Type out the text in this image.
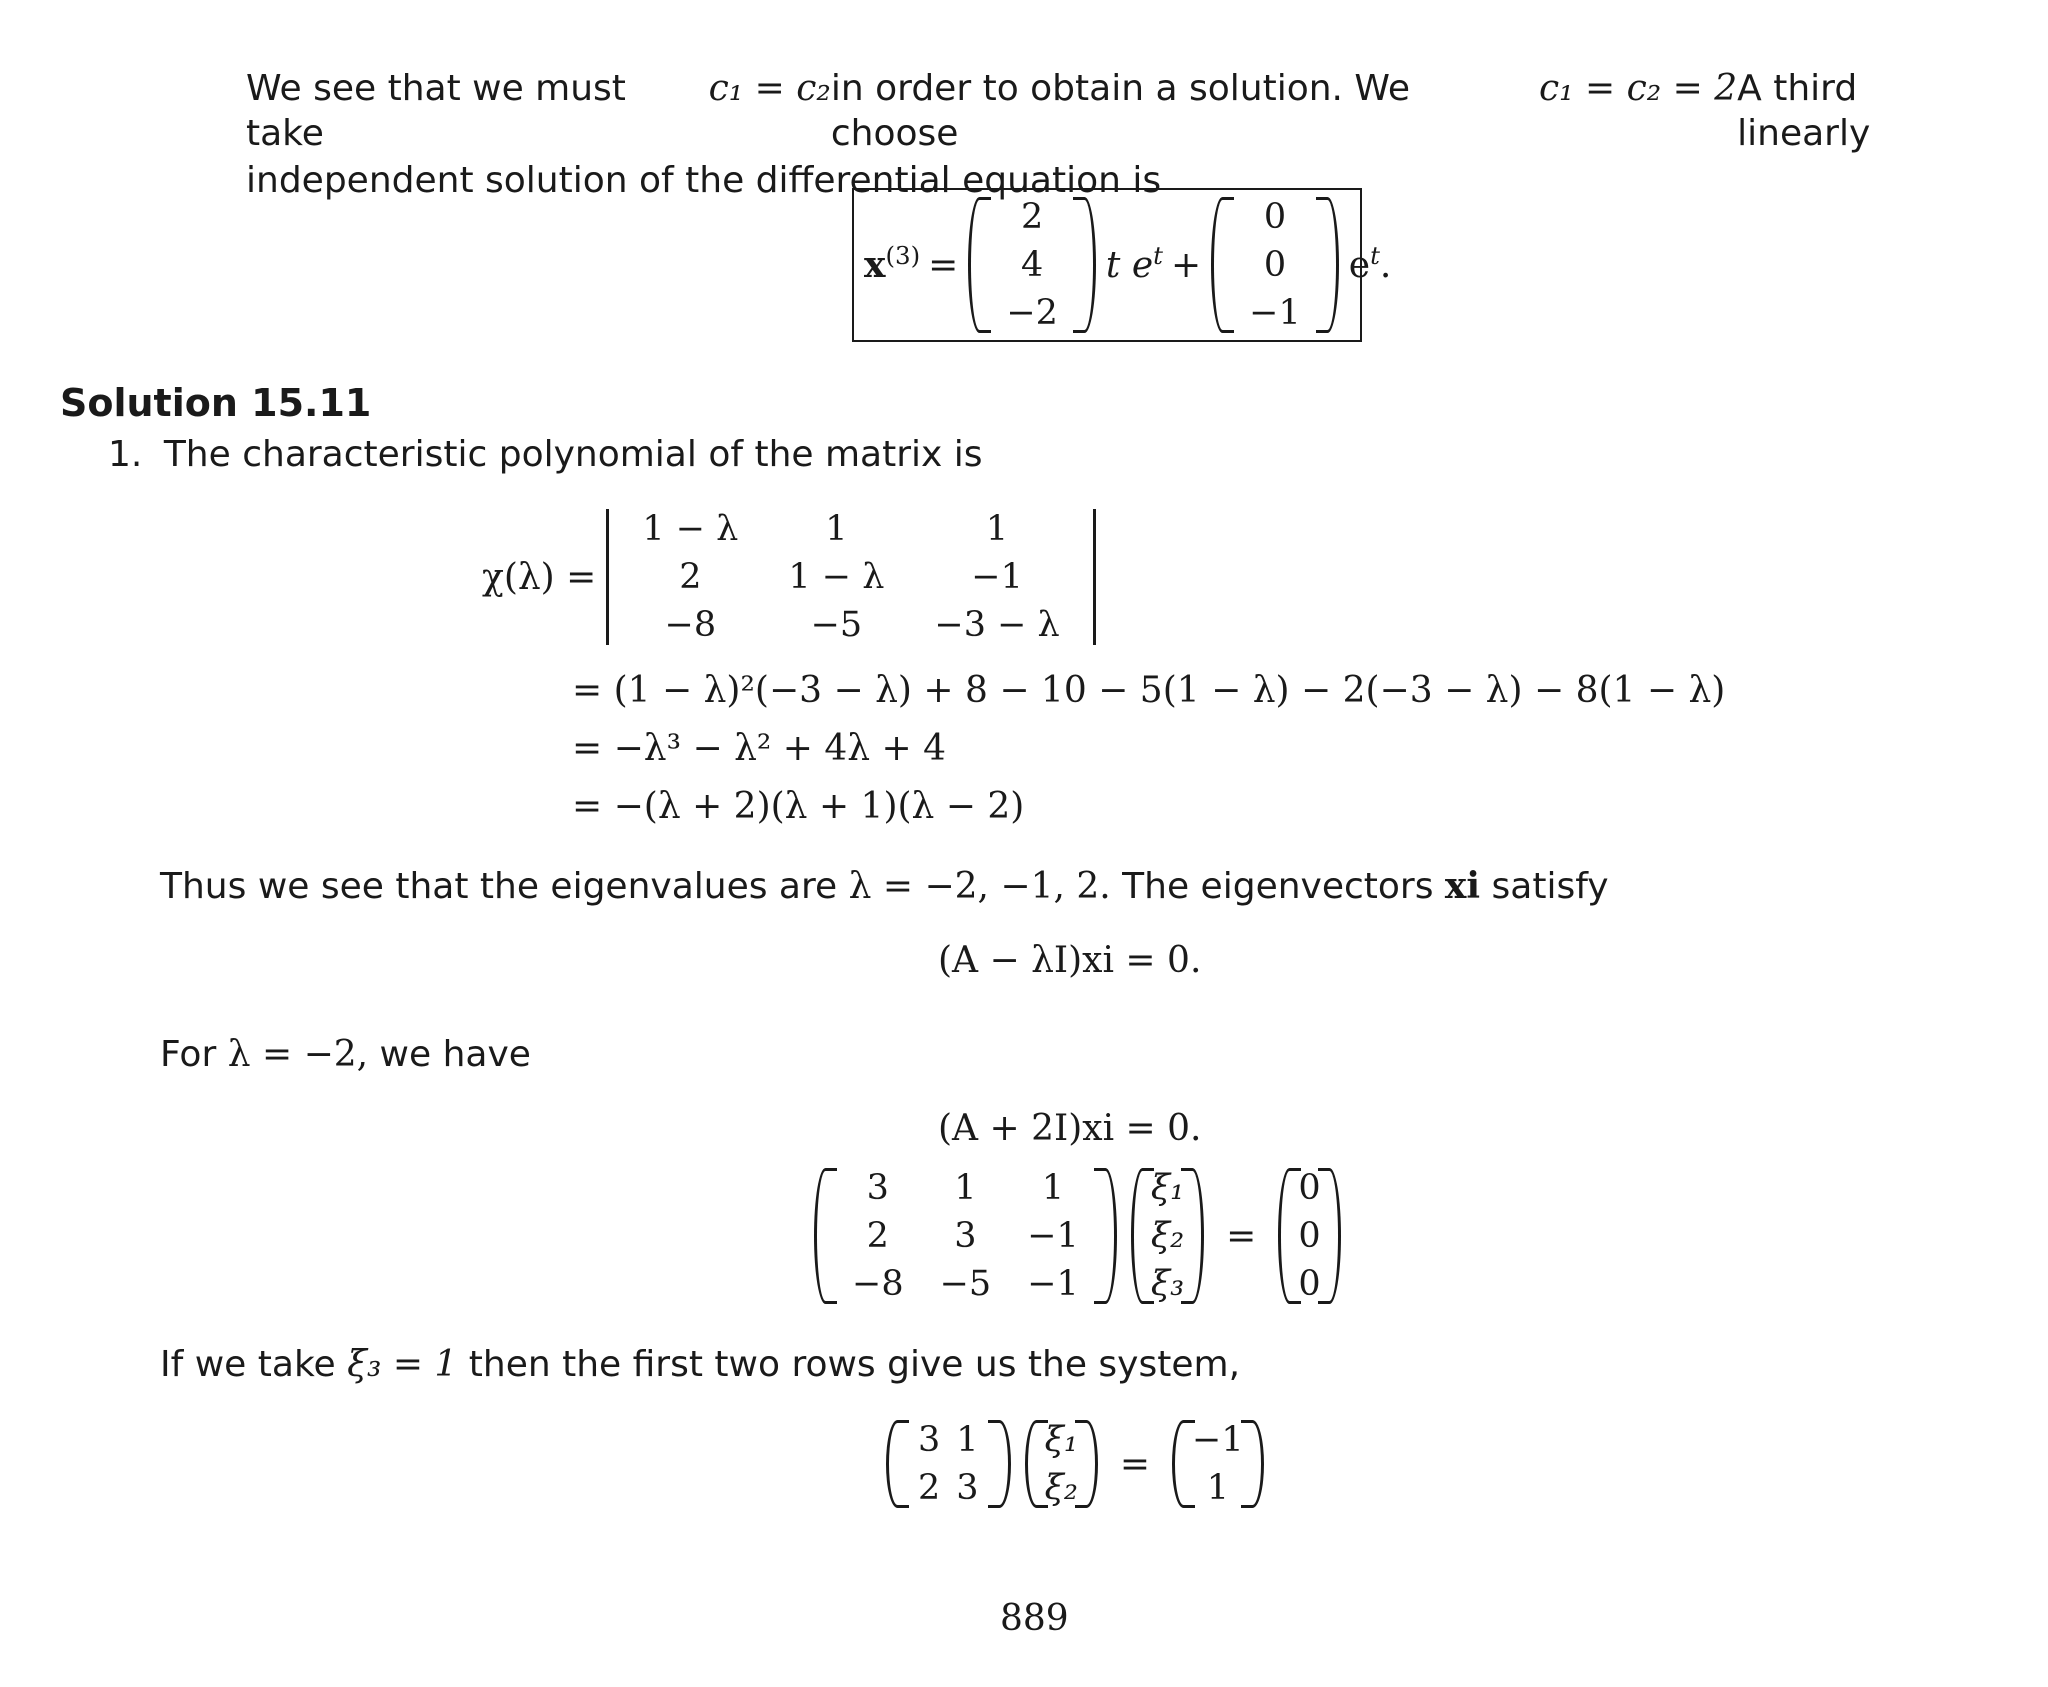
We see that we must take
c₁ = c₂ in order to obtain a solution. We choose
c₁ = c₂ = 2 A third linearly
independent solution of the differential equation is
$x^{(3)}$ =
2
4
−2
t $e^t$ +
0
0
−1
$e^t$.
Solution 15.11
1. The characteristic polynomial of the matrix is
χ(λ) =
1 − λ	1	1
2	1 − λ	−1
−8	−5	−3 − λ
= (1 − λ)²(−3 − λ) + 8 − 10 − 5(1 − λ) − 2(−3 − λ) − 8(1 − λ)
= −λ³ − λ² + 4λ + 4
= −(λ + 2)(λ + 1)(λ − 2)
Thus we see that the eigenvalues are λ = −2, −1, 2. The eigenvectors xi satisfy
(A − λI)xi = 0.
For λ = −2, we have
(A + 2I)xi = 0.
3	1	1
2	3	−1
−8	−5	−1
ξ₁
ξ₂
ξ₃
=
0
0
0
If we take ξ₃ = 1 then the first two rows give us the system,
3	1
2	3
ξ₁
ξ₂
=
−1
1
889
